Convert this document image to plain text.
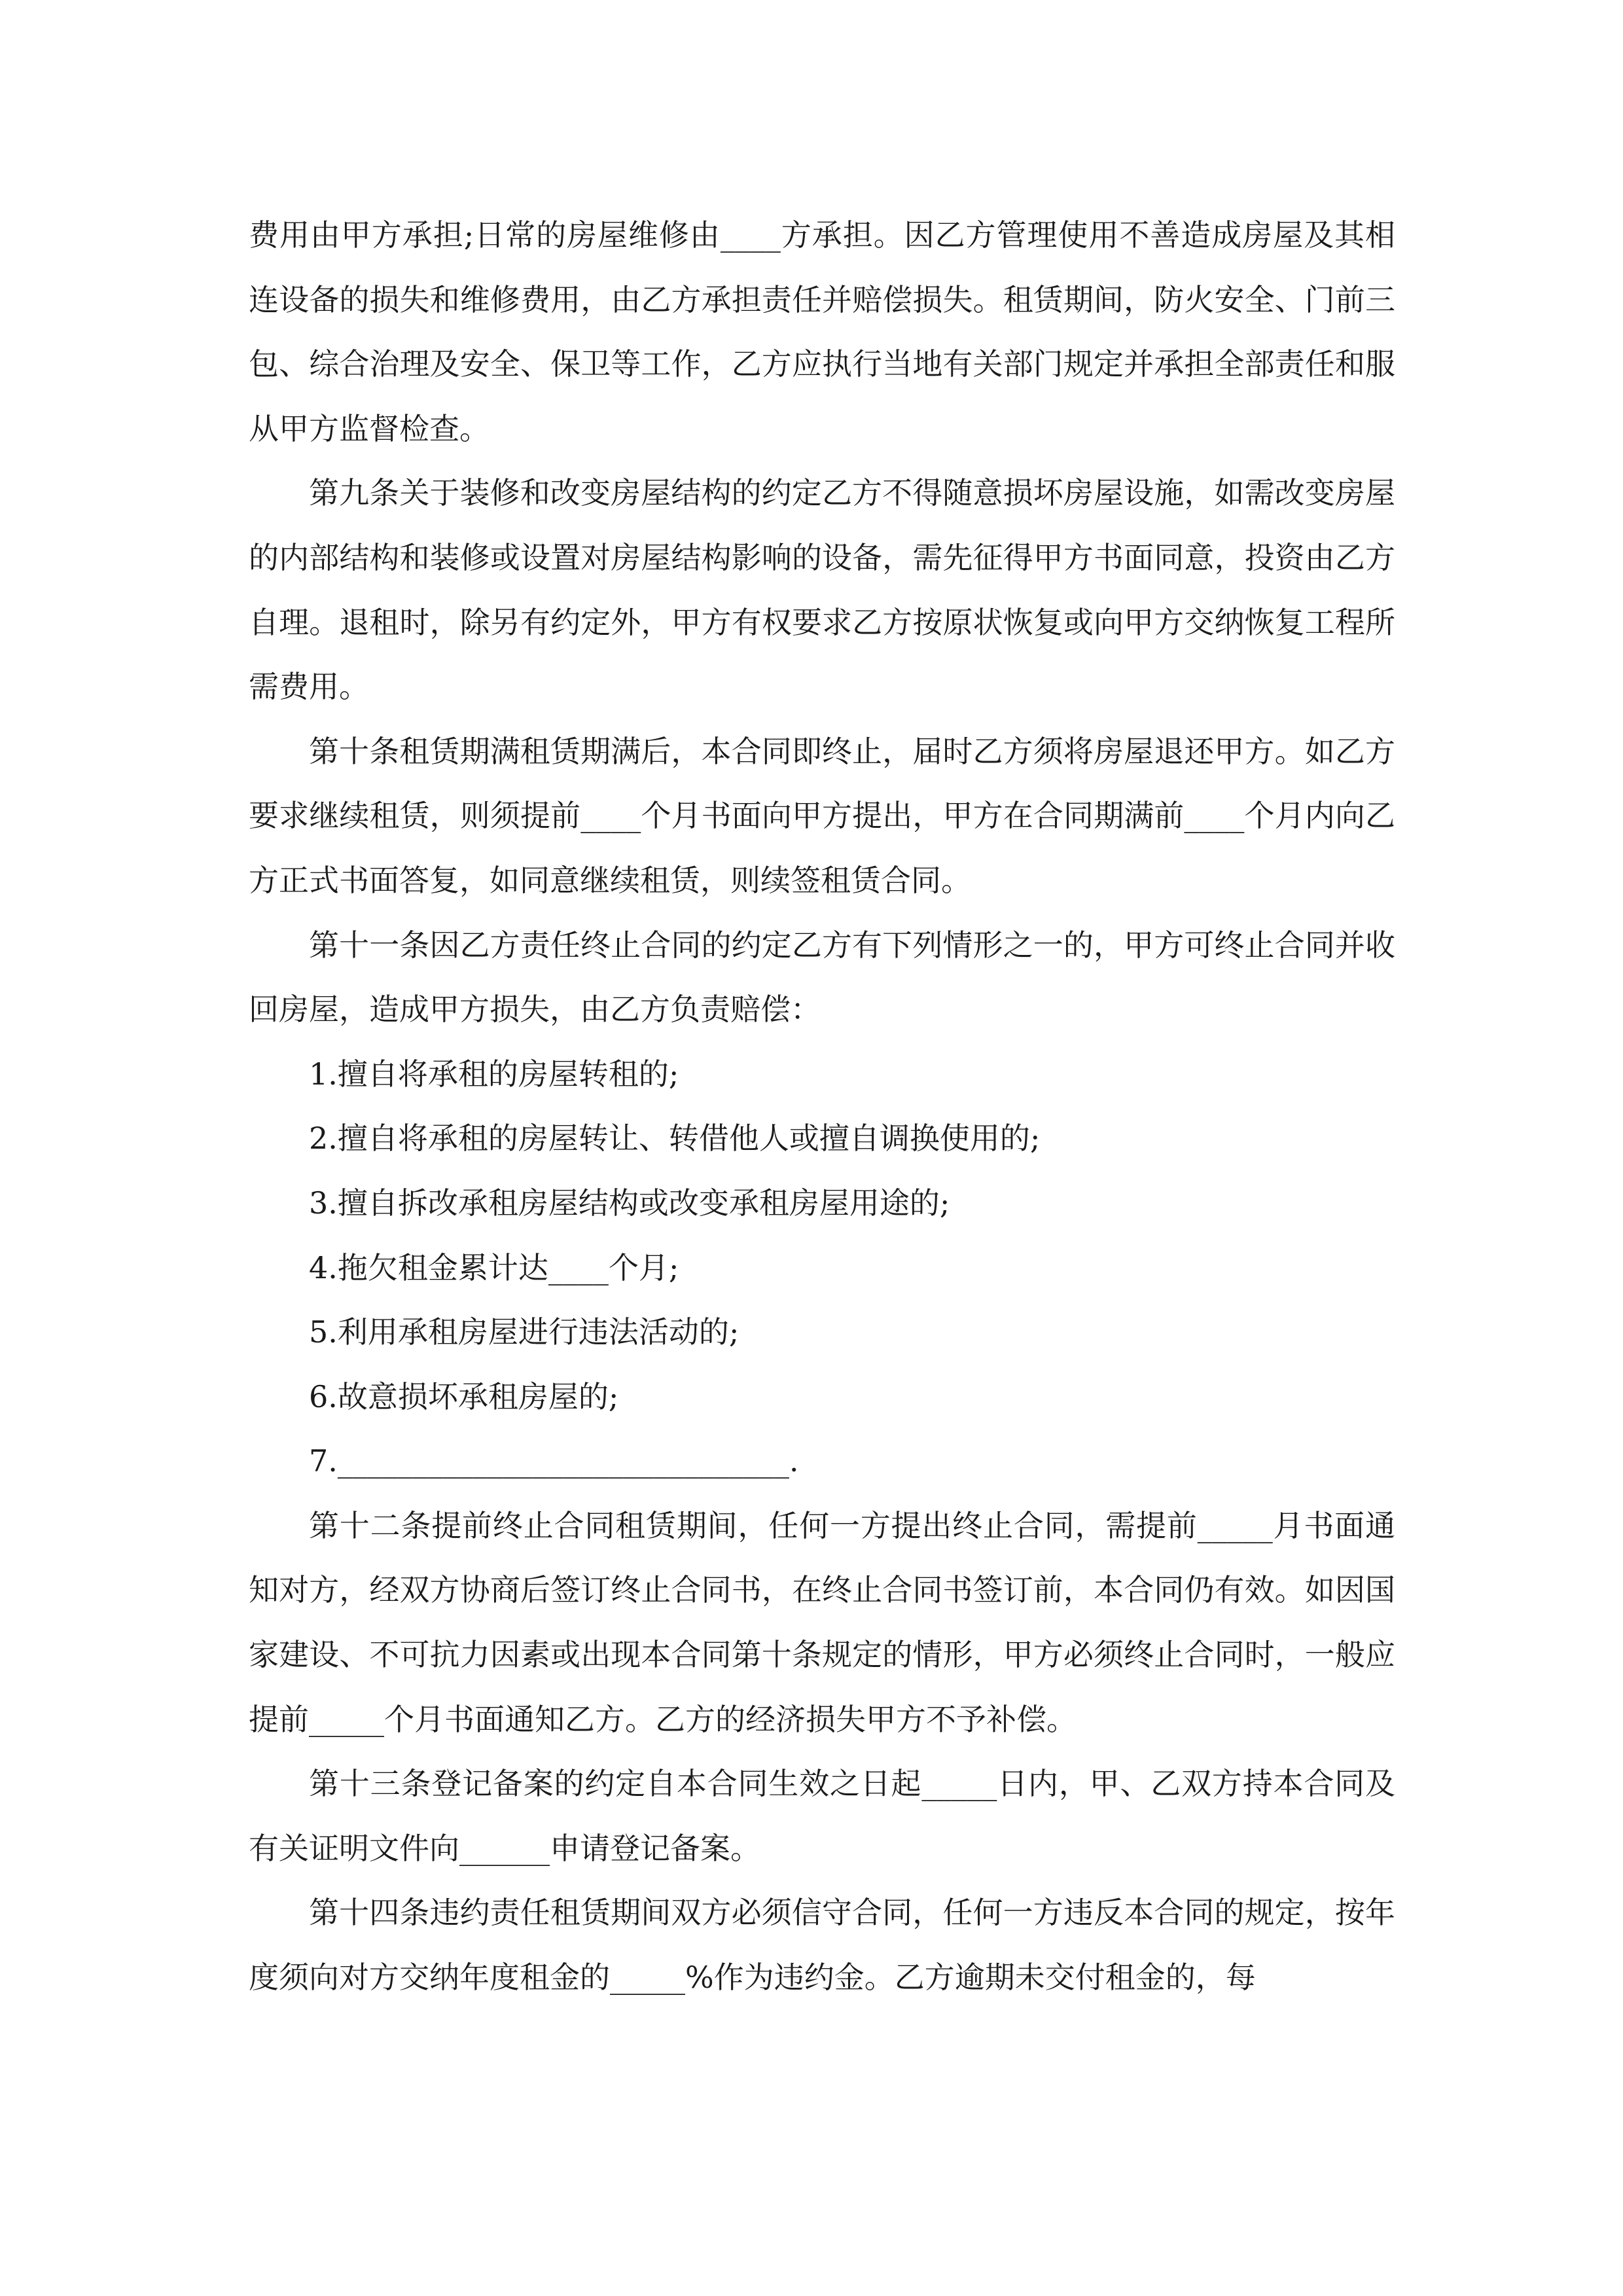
费用由甲方承担;日常的房屋维修由____方承担。因乙方管理使用不善造成房屋及其相连设备的损失和维修费用，由乙方承担责任并赔偿损失。租赁期间，防火安全、门前三包、综合治理及安全、保卫等工作，乙方应执行当地有关部门规定并承担全部责任和服从甲方监督检查。

第九条关于装修和改变房屋结构的约定乙方不得随意损坏房屋设施，如需改变房屋的内部结构和装修或设置对房屋结构影响的设备，需先征得甲方书面同意，投资由乙方自理。退租时，除另有约定外，甲方有权要求乙方按原状恢复或向甲方交纳恢复工程所需费用。

第十条租赁期满租赁期满后，本合同即终止，届时乙方须将房屋退还甲方。如乙方要求继续租赁，则须提前____个月书面向甲方提出，甲方在合同期满前____个月内向乙方正式书面答复，如同意继续租赁，则续签租赁合同。

第十一条因乙方责任终止合同的约定乙方有下列情形之一的，甲方可终止合同并收回房屋，造成甲方损失，由乙方负责赔偿：

1.擅自将承租的房屋转租的;

2.擅自将承租的房屋转让、转借他人或擅自调换使用的;

3.擅自拆改承租房屋结构或改变承租房屋用途的;

4.拖欠租金累计达____个月;

5.利用承租房屋进行违法活动的;

6.故意损坏承租房屋的;

7.______________________________.

第十二条提前终止合同租赁期间，任何一方提出终止合同，需提前_____月书面通知对方，经双方协商后签订终止合同书，在终止合同书签订前，本合同仍有效。如因国家建设、不可抗力因素或出现本合同第十条规定的情形，甲方必须终止合同时，一般应提前_____个月书面通知乙方。乙方的经济损失甲方不予补偿。

第十三条登记备案的约定自本合同生效之日起_____日内，甲、乙双方持本合同及有关证明文件向______申请登记备案。

第十四条违约责任租赁期间双方必须信守合同，任何一方违反本合同的规定，按年度须向对方交纳年度租金的_____%作为违约金。乙方逾期未交付租金的，每
